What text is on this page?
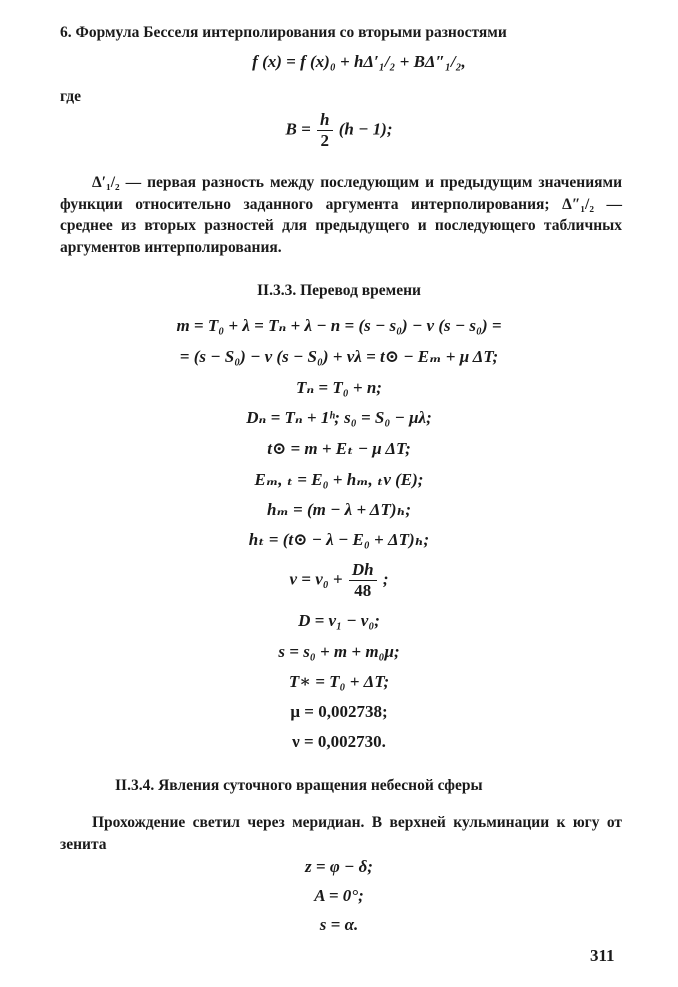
6. Формула Бесселя интерполирования со вторыми разностями
f (x) = f (x)₀ + hΔ′₁/₂ + BΔ″₁/₂,
где
$B = \frac{h}{2} (h - 1)$;
Δ′₁/₂ — первая разность между последующим и предыдущим значениями функции относительно заданного аргумента интерполирования; Δ″₁/₂ — среднее из вторых разностей для предыдущего и последующего табличных аргументов интерполирования.
II.3.3. Перевод времени
m = T₀ + λ = Tₙ + λ − n = (s − s₀) − ν (s − s₀) =
= (s − S₀) − ν (s − S₀) + νλ = t⊙ − Eₘ + μ ΔT;
Tₙ = T₀ + n;
Dₙ = Tₙ + 1ʰ; s₀ = S₀ − μλ;
t⊙ = m + Eₜ − μ ΔT;
Eₘ, ₜ = E₀ + hₘ, ₜv (E);
hₘ = (m − λ + ΔT)ₕ;
hₜ = (t⊙ − λ − E₀ + ΔT)ₕ;
$v = v_0 + \frac{Dh}{48}$ ;
D = v₁ − v₀;
s = s₀ + m + m₀μ;
T∗ = T₀ + ΔT;
μ = 0,002738;
ν = 0,002730.
II.3.4. Явления суточного вращения небесной сферы
Прохождение светил через меридиан. В верхней кульминации к югу от зенита
z = φ − δ;
A = 0°;
s = α.
311
